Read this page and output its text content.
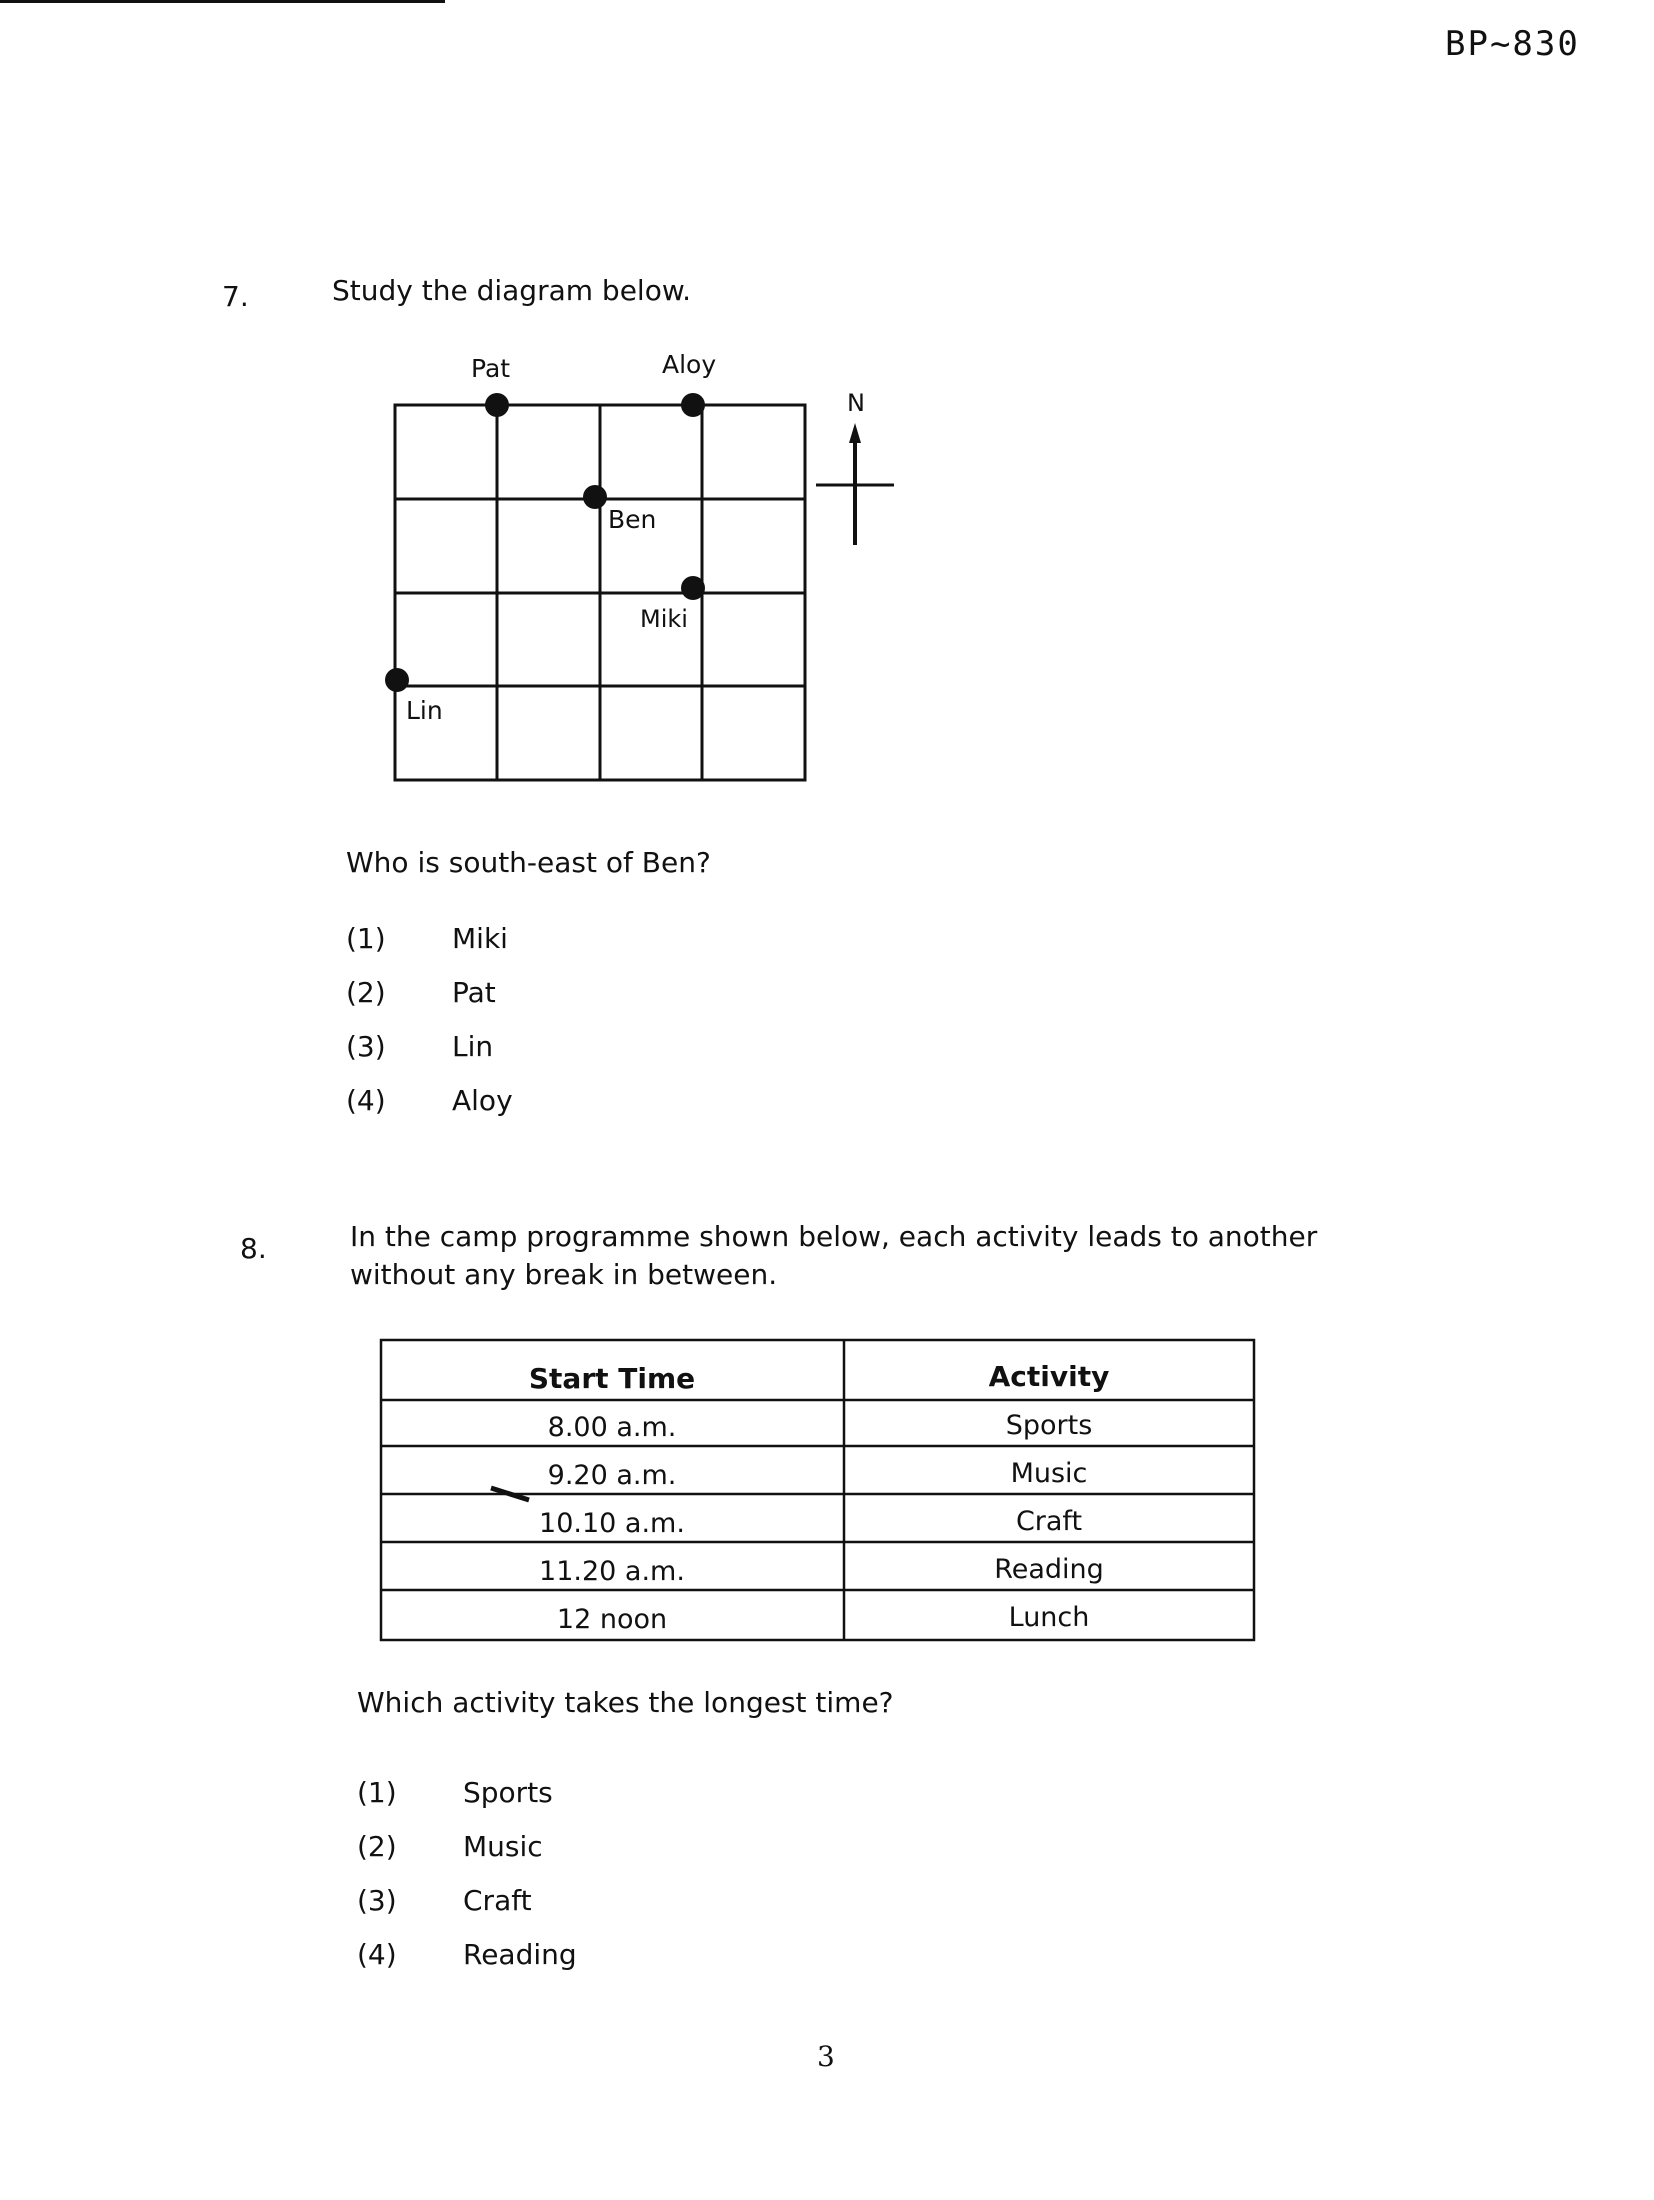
BP~830
7.	Study the diagram below.
Pat	Aloy
Ben
Miki
Lin
N
Who is south-east of Ben?
(1) Miki
(2) Pat
(3) Lin
(4) Aloy
8.	In the camp programme shown below, each activity leads to another
without any break in between.
Start Time	Activity
8.00 a.m.	Sports
9.20 a.m.	Music
10.10 a.m.	Craft
11.20 a.m.	Reading
12 noon	Lunch
Which activity takes the longest time?
(1) Sports
(2) Music
(3) Craft
(4) Reading
3
